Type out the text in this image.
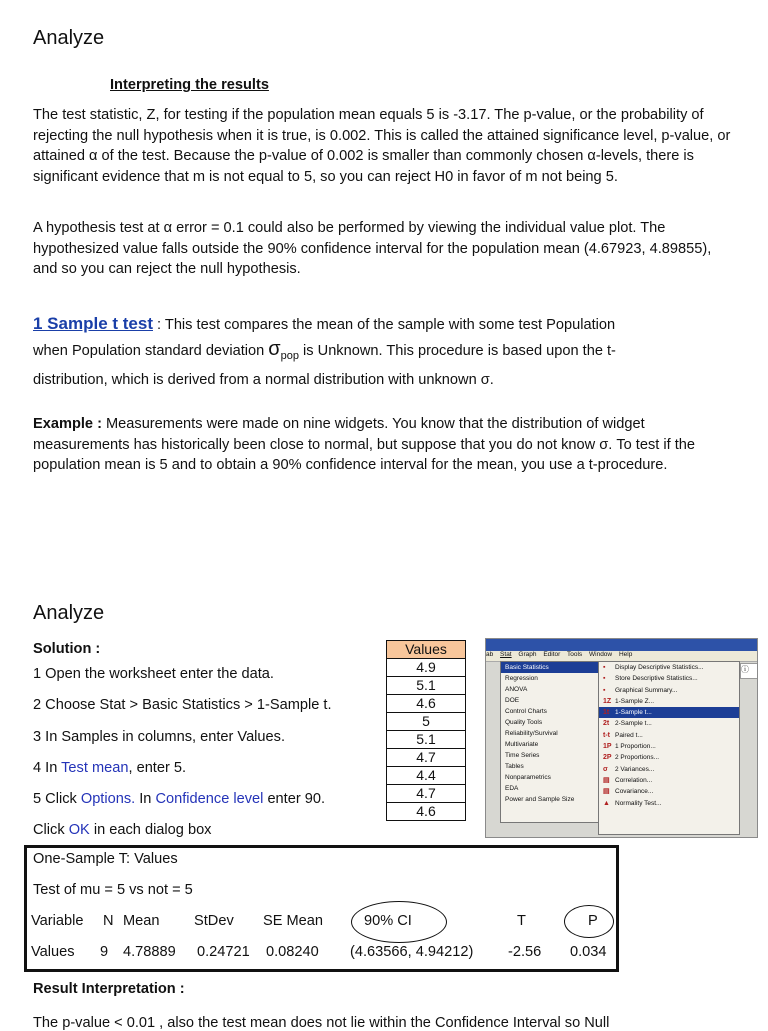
Analyze
Interpreting the results
The test statistic, Z, for testing if the population mean equals 5 is -3.17. The p-value, or the probability of rejecting the null hypothesis when it is true, is 0.002. This is called the attained significance level, p-value, or attained α of the test. Because the p-value of 0.002 is smaller than commonly chosen α-levels, there is significant evidence that m is not equal to 5, so you can reject H0 in favor of m not being 5.
A hypothesis test at α error = 0.1 could also be performed by viewing the individual value plot. The hypothesized value falls outside the 90% confidence interval for the population mean (4.67923, 4.89855), and so you can reject the null hypothesis.
1 Sample t test : This test compares the mean of the sample with some test Population
when Population standard deviation $\sigma_{pop}$ is Unknown. This procedure is based upon the t-
distribution, which is derived from a normal distribution with unknown σ.
Example : Measurements were made on nine widgets. You know that the distribution of widget measurements has historically been close to normal, but suppose that you do not know σ. To test if the population mean is 5 and to obtain a 90% confidence interval for the mean, you use a t-procedure.
Analyze
Solution :
1 Open the worksheet enter the data.
2 Choose Stat > Basic Statistics > 1-Sample t.
3 In Samples in columns, enter Values.
4 In Test mean, enter 5.
5 Click Options. In Confidence level enter 90.
Click OK in each dialog box
Values
4.9
5.1
4.6
5
5.1
4.7
4.4
4.7
4.6
ab Stat Graph Editor Tools Window Help
Basic Statistics
Regression
ANOVA
DOE
Control Charts
Quality Tools
Reliability/Survival
Multivariate
Time Series
Tables
Nonparametrics
EDA
Power and Sample Size
▪ Display Descriptive Statistics...
▪ Store Descriptive Statistics...
▪ Graphical Summary...
1Z 1-Sample Z...
1t 1-Sample t...
2t 2-Sample t...
t-t Paired t...
1P 1 Proportion...
2P 2 Proportions...
σ 2 Variances...
▤ Correlation...
▤ Covariance...
▲ Normality Test...
ⓘ
One-Sample T: Values
Test of mu = 5 vs not = 5
Variable N Mean StDev SE Mean	90% CI	T	P
Values 9 4.78889 0.24721 0.08240 (4.63566, 4.94212) -2.56 0.034
Result Interpretation :
The p-value < 0.01 , also the test mean does not lie within the Confidence Interval so Null
